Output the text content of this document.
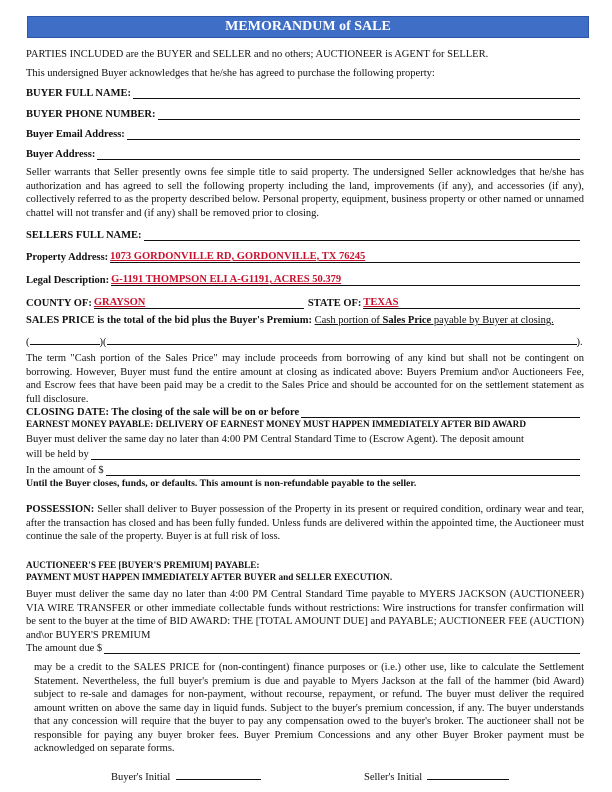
MEMORANDUM of SALE
PARTIES INCLUDED are the BUYER and SELLER and no others; AUCTIONEER is AGENT for SELLER.
This undersigned Buyer acknowledges that he/she has agreed to purchase the following property:
BUYER FULL NAME:
BUYER PHONE NUMBER:
Buyer Email Address:
Buyer Address:
Seller warrants that Seller presently owns fee simple title to said property. The undersigned Seller acknowledges that he/she has authorization and has agreed to sell the following property including the land, improvements (if any), and accessories (if any), collectively referred to as the property described below. Personal property, equipment, business property or other named or unnamed chattel will not transfer and (if any) shall be removed prior to closing.
SELLERS FULL NAME:
Property Address: 1073 GORDONVILLE RD, GORDONVILLE, TX 76245
Legal Description: G-1191 THOMPSON ELI A-G1191, ACRES 50.379
COUNTY OF: GRAYSON	STATE OF: TEXAS
SALES PRICE is the total of the bid plus the Buyer's Premium: Cash portion of Sales Price payable by Buyer at closing.
(	)(	).
The term "Cash portion of the Sales Price" may include proceeds from borrowing of any kind but shall not be contingent on borrowing. However, Buyer must fund the entire amount at closing as indicated above: Buyers Premium and\or Auctioneers Fee, and Escrow fees that have been paid may be a credit to the Sales Price and should be accounted for on the settlement statement as full disclosure.
CLOSING DATE: The closing of the sale will be on or before
EARNEST MONEY PAYABLE: DELIVERY OF EARNEST MONEY MUST HAPPEN IMMEDIATELY AFTER BID AWARD
Buyer must deliver the same day no later than 4:00 PM Central Standard Time to (Escrow Agent). The deposit amount
will be held by
In the amount of $
Until the Buyer closes, funds, or defaults. This amount is non-refundable payable to the seller.
POSSESSION: Seller shall deliver to Buyer possession of the Property in its present or required condition, ordinary wear and tear, after the transaction has closed and has been fully funded. Unless funds are delivered within the appointed time, the Auctioneer must continue the sale of the property. Buyer is at full risk of loss.
AUCTIONEER'S FEE [BUYER'S PREMIUM] PAYABLE:
PAYMENT MUST HAPPEN IMMEDIATELY AFTER BUYER and SELLER EXECUTION.
Buyer must deliver the same day no later than 4:00 PM Central Standard Time payable to MYERS JACKSON (AUCTIONEER) VIA WIRE TRANSFER or other immediate collectable funds without restrictions: Wire instructions for transfer confirmation will be sent to the buyer at the time of BID AWARD: THE [TOTAL AMOUNT DUE] and PAYABLE; AUCTIONEER FEE (AUCTION) and\or BUYER'S PREMIUM
The amount due $
may be a credit to the SALES PRICE for (non-contingent) finance purposes or (i.e.) other use, like to calculate the Settlement Statement. Nevertheless, the full buyer's premium is due and payable to Myers Jackson at the fall of the hammer (bid Award) subject to re-sale and damages for non-payment, without recourse, repayment, or refund. The buyer must deliver the required amount written on above the same day in liquid funds. Subject to the buyer's premium concession, if any. The buyer understands that any concession will require that the buyer to pay any compensation owed to the buyer's broker. The auctioneer shall not be responsible for paying any buyer broker fees. Buyer Premium Concessions and any other Buyer Broker payment must be acknowledged on separate forms.
Buyer's Initial	Seller's Initial
